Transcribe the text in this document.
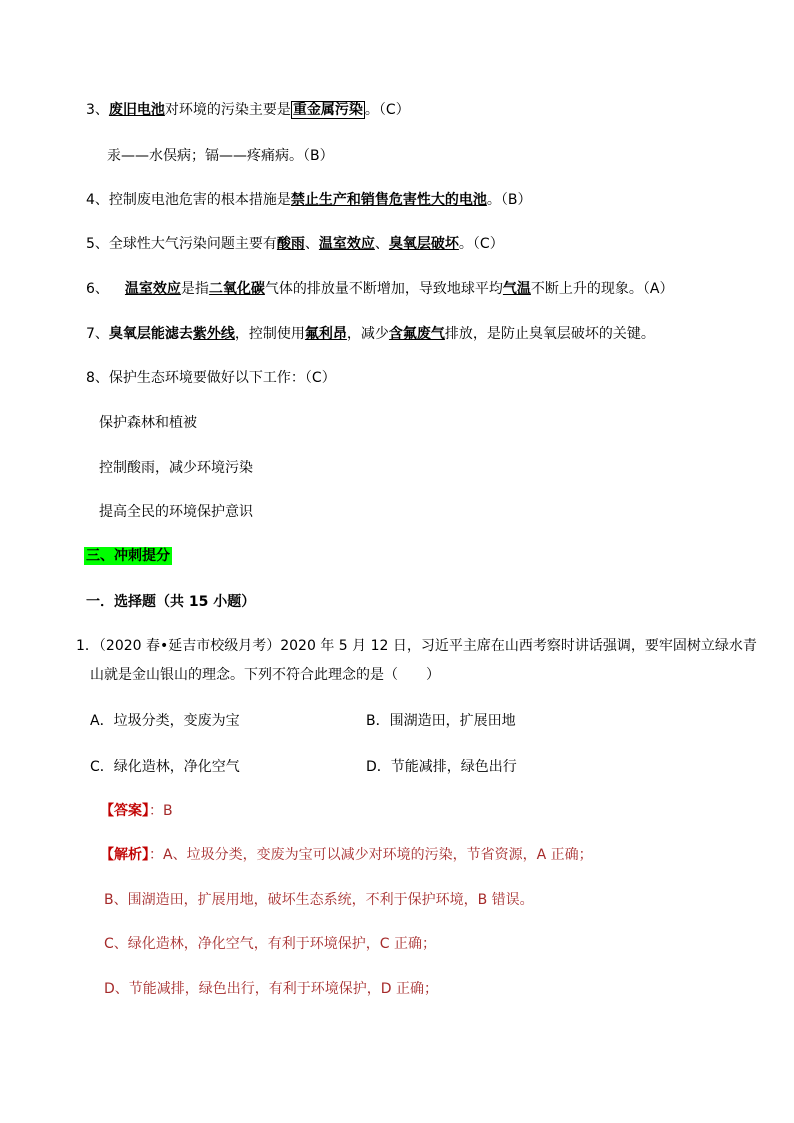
3、废旧电池对环境的污染主要是 重金属污染 。（C）
汞——水俣病；镉——疼痛病。（B）
4、控制废电池危害的根本措施是禁止生产和销售危害性大的电池。（B）
5、全球性大气污染问题主要有酸雨、温室效应、臭氧层破坏。（C）
6、 温室效应是指二氧化碳气体的排放量不断增加，导致地球平均气温不断上升的现象。（A）
7、臭氧层能滤去紫外线，控制使用氟利昂，减少含氟废气排放，是防止臭氧层破坏的关键。
8、保护生态环境要做好以下工作：（C）
保护森林和植被
控制酸雨，减少环境污染
提高全民的环境保护意识
三、冲刺提分
一．选择题（共 15 小题）
1．（2020 春•延吉市校级月考）2020 年 5 月 12 日，习近平主席在山西考察时讲话强调，要牢固树立绿水青
山就是金山银山的理念。下列不符合此理念的是（　　）
A．垃圾分类，变废为宝	B．围湖造田，扩展田地
C．绿化造林，净化空气	D．节能减排，绿色出行
【答案】：B
【解析】：A、垃圾分类，变废为宝可以减少对环境的污染，节省资源，A 正确；
B、围湖造田，扩展用地，破坏生态系统，不利于保护环境，B 错误。
C、绿化造林，净化空气，有利于环境保护，C 正确；
D、节能减排，绿色出行，有利于环境保护，D 正确；
